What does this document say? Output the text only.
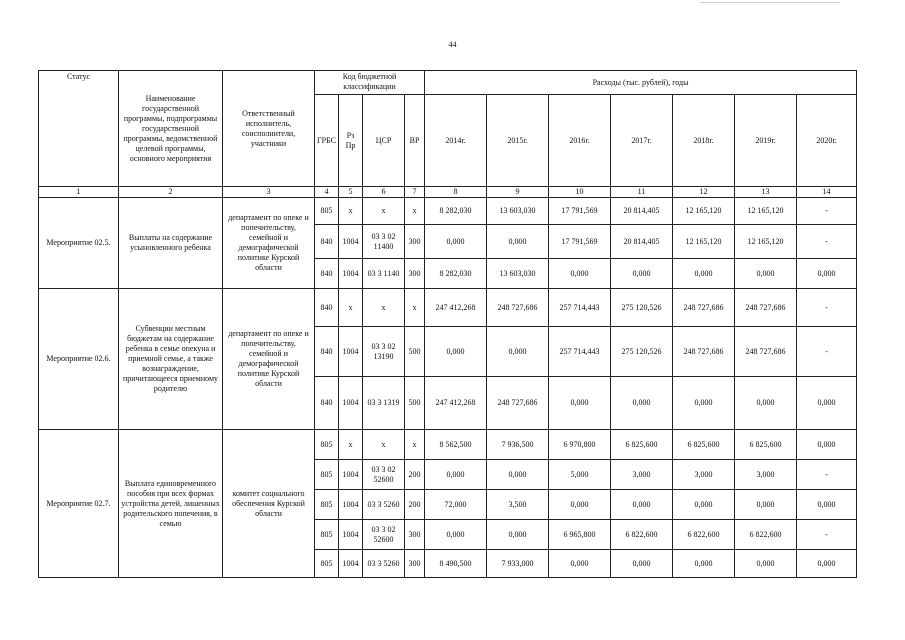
44
Статус	Наименование государственной программы, подпрограммы государственной программы, ведомственной целевой программы, основного мероприятия	Ответственный исполнитель, соисполнители, участники	Код бюджетной классификации				Расходы (тыс. рублей), годы						
			ГРБС	Рз Пр	ЦСР	ВР	2014г.	2015г.	2016г.	2017г.	2018г.	2019г.	2020г.
1	2	3	4	5	6	7	8	9	10	11	12	13	14
Мероприятие 02.5.	Выплаты на содержание усыновленного ребенка	департамент по опеке и попечительству, семейной и демографической политике Курской области	805	х	х	х	8 282,030	13 603,030	17 791,569	20 814,405	12 165,120	12 165,120	-
			840	1004	03 3 02 11400	300	0,000	0,000	17 791,569	20 814,405	12 165,120	12 165,120	-
			840	1004	03 3 1140	300	8 282,030	13 603,030	0,000	0,000	0,000	0,000	0,000
Мероприятие 02.6.	Субвенции местным бюджетам на содержание ребенка в семье опекуна и приемной семье, а также вознаграждение, причитающееся приемному родителю	департамент по опеке и попечительству, семейной и демографической политике Курской области	840	х	х	х	247 412,268	248 727,686	257 714,443	275 120,526	248 727,686	248 727,686	-
			840	1004	03 3 02 13190	500	0,000	0,000	257 714,443	275 120,526	248 727,686	248 727,686	-
			840	1004	03 3 1319	500	247 412,268	248 727,686	0,000	0,000	0,000	0,000	0,000
Мероприятие 02.7.	Выплата единовременного пособия при всех формах устройства детей, лишенных родительского попечения, в семью	комитет социального обеспечения Курской области	805	х	х	х	8 562,500	7 936,500	6 970,800	6 825,600	6 825,600	6 825,600	0,000
			805	1004	03 3 02 52600	200	0,000	0,000	5,000	3,000	3,000	3,000	-
			805	1004	03 3 5260	200	72,000	3,500	0,000	0,000	0,000	0,000	0,000
			805	1004	03 3 02 52600	300	0,000	0,000	6 965,800	6 822,600	6 822,600	6 822,600	-
			805	1004	03 3 5260	300	8 490,500	7 933,000	0,000	0,000	0,000	0,000	0,000
